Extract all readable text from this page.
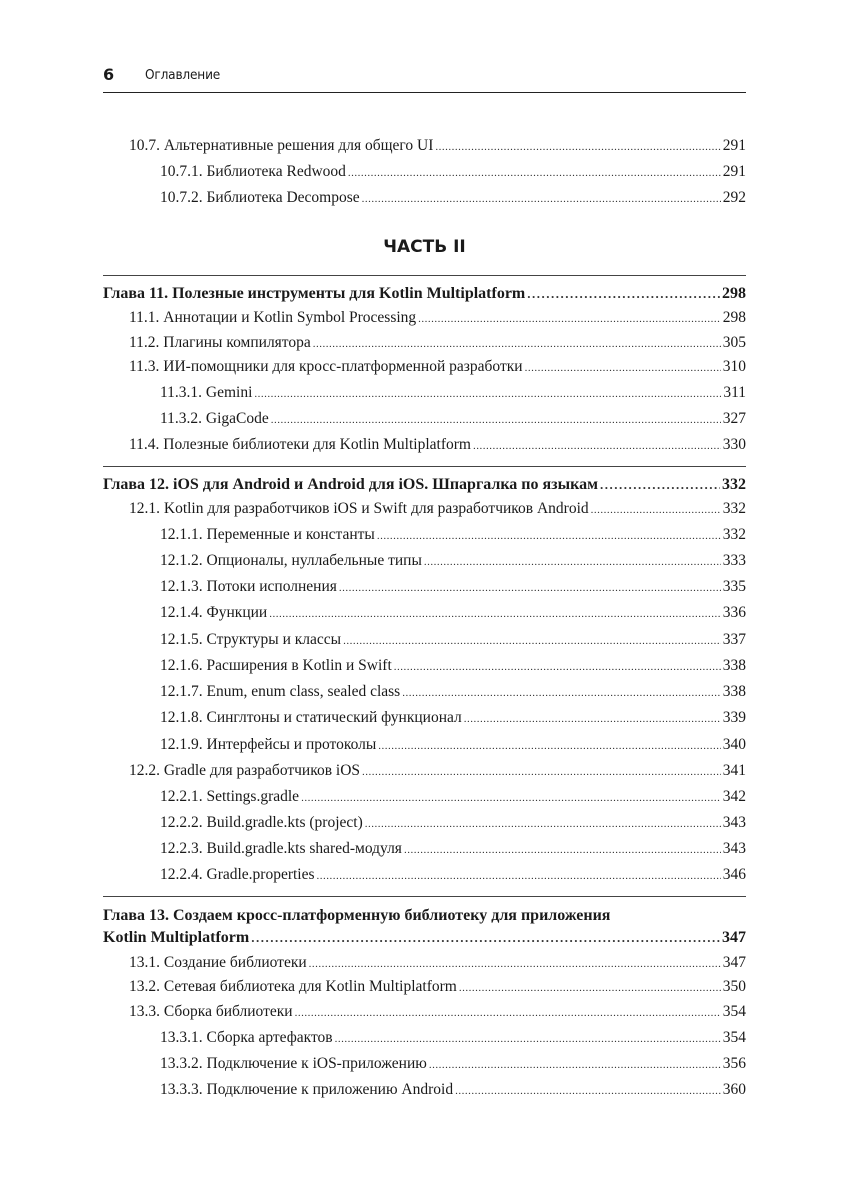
6 Оглавление
10.7. Альтернативные решения для общего UI .....	291
10.7.1. Библиотека Redwood .....	291
10.7.2. Библиотека Decompose .....	292
ЧАСТЬ II
Глава 11. Полезные инструменты для Kotlin Multiplatform .....	298
11.1. Аннотации и Kotlin Symbol Processing .....	298
11.2. Плагины компилятора .....	305
11.3. ИИ-помощники для кросс-платформенной разработки .....	310
11.3.1. Gemini .....	311
11.3.2. GigaCode .....	327
11.4. Полезные библиотеки для Kotlin Multiplatform .....	330
Глава 12. iOS для Android и Android для iOS. Шпаргалка по языкам .....	332
12.1. Kotlin для разработчиков iOS и Swift для разработчиков Android .....	332
12.1.1. Переменные и константы .....	332
12.1.2. Опционалы, нуллабельные типы .....	333
12.1.3. Потоки исполнения .....	335
12.1.4. Функции .....	336
12.1.5. Структуры и классы .....	337
12.1.6. Расширения в Kotlin и Swift .....	338
12.1.7. Enum, enum class, sealed class .....	338
12.1.8. Синглтоны и статический функционал .....	339
12.1.9. Интерфейсы и протоколы .....	340
12.2. Gradle для разработчиков iOS .....	341
12.2.1. Settings.gradle .....	342
12.2.2. Build.gradle.kts (project) .....	343
12.2.3. Build.gradle.kts shared-модуля .....	343
12.2.4. Gradle.properties .....	346
Глава 13. Создаем кросс-платформенную библиотеку для приложения
Kotlin Multiplatform .....	347
13.1. Создание библиотеки .....	347
13.2. Сетевая библиотека для Kotlin Multiplatform .....	350
13.3. Сборка библиотеки .....	354
13.3.1. Сборка артефактов .....	354
13.3.2. Подключение к iOS-приложению .....	356
13.3.3. Подключение к приложению Android .....	360
